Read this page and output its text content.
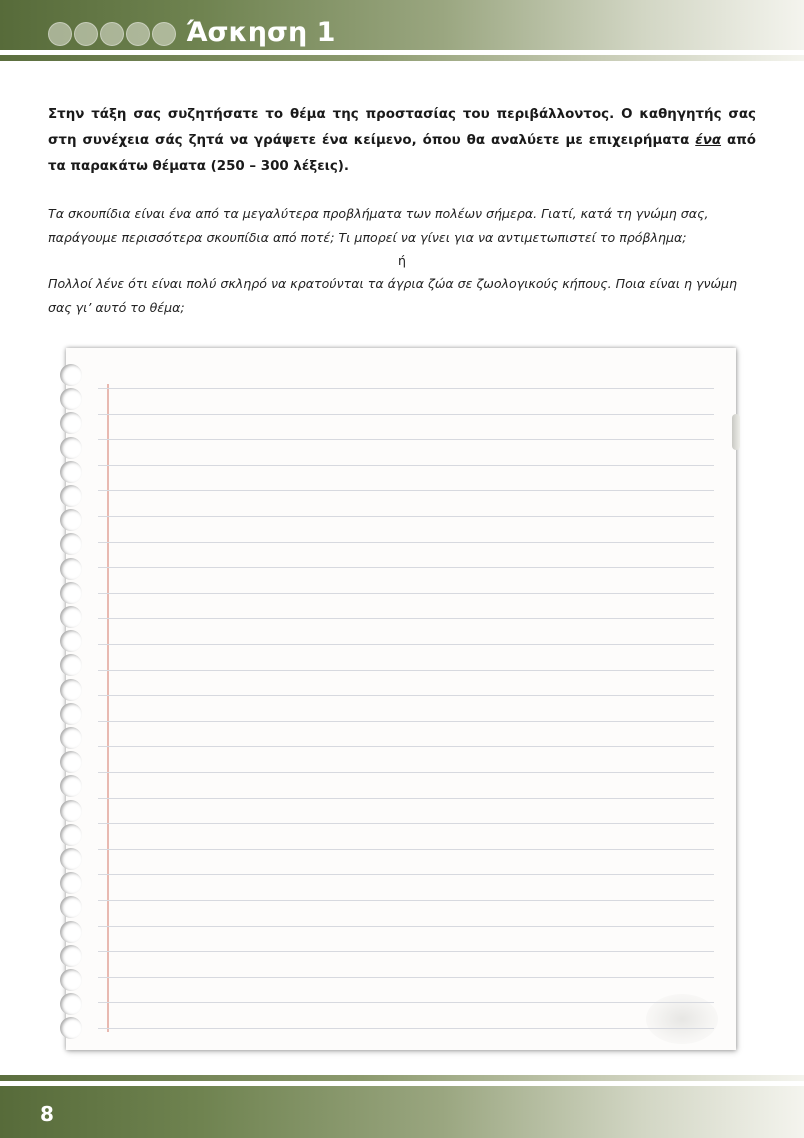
Άσκηση 1

Στην τάξη σας συζητήσατε το θέμα της προστασίας του περιβάλλοντος. Ο καθηγητής σας στη συνέχεια σάς ζητά να γράψετε ένα κείμενο, όπου θα αναλύετε με επιχειρήματα ένα από τα παρακάτω θέματα (250 – 300 λέξεις).

Τα σκουπίδια είναι ένα από τα μεγαλύτερα προβλήματα των πολέων σήμερα. Γιατί, κατά τη γνώμη σας, παράγουμε περισσότερα σκουπίδια από ποτέ; Τι μπορεί να γίνει για να αντιμετωπιστεί το πρόβλημα;

ή

Πολλοί λένε ότι είναι πολύ σκληρό να κρατούνται τα άγρια ζώα σε ζωολογικούς κήπους. Ποια είναι η γνώμη σας γι’ αυτό το θέμα;

8
